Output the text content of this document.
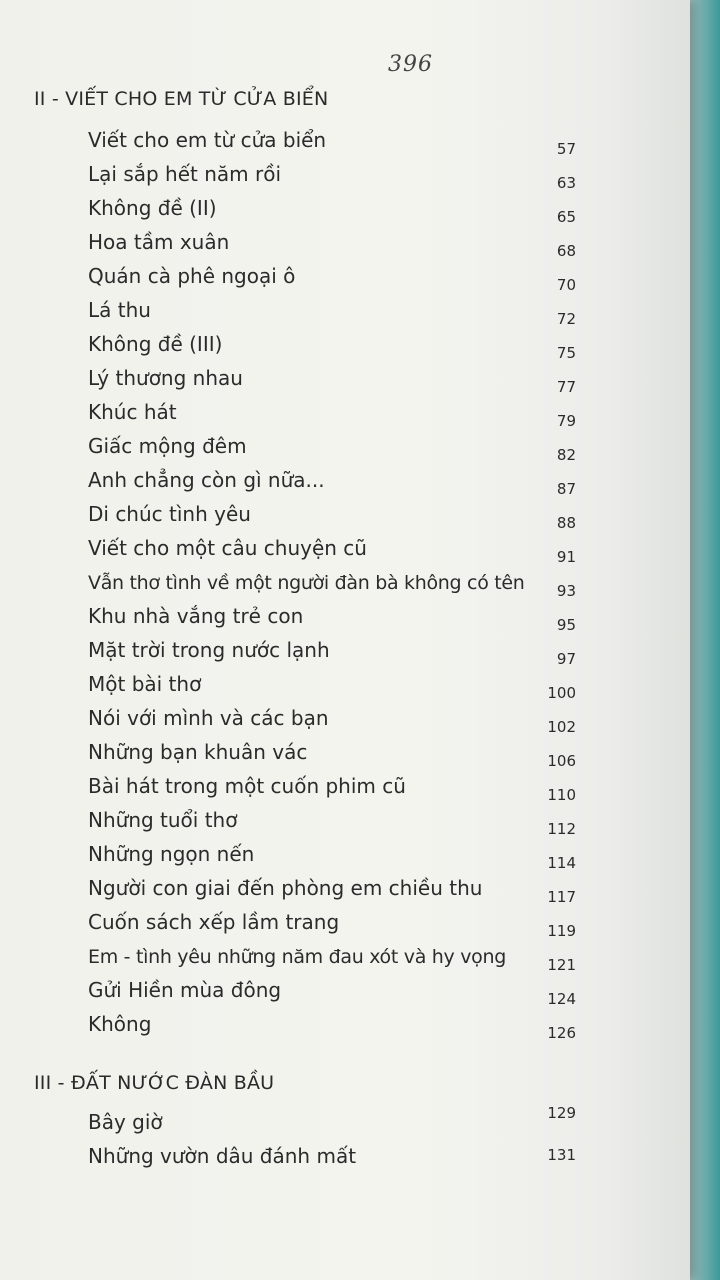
396
II - VIẾT CHO EM TỪ CỬA BIỂN
Viết cho em từ cửa biển	57
Lại sắp hết năm rồi	63
Không đề (II)	65
Hoa tầm xuân	68
Quán cà phê ngoại ô	70
Lá thu	72
Không đề (III)	75
Lý thương nhau	77
Khúc hát	79
Giấc mộng đêm	82
Anh chẳng còn gì nữa...	87
Di chúc tình yêu	88
Viết cho một câu chuyện cũ	91
Vẫn thơ tình về một người đàn bà không có tên 93
Khu nhà vắng trẻ con	95
Mặt trời trong nước lạnh	97
Một bài thơ	100
Nói với mình và các bạn	102
Những bạn khuân vác	106
Bài hát trong một cuốn phim cũ	110
Những tuổi thơ	112
Những ngọn nến	114
Người con giai đến phòng em chiều thu	117
Cuốn sách xếp lầm trang	119
Em - tình yêu những năm đau xót và hy vọng	121
Gửi Hiền mùa đông	124
Không	126
III - ĐẤT NƯỚC ĐÀN BẦU
Bây giờ	129
Những vườn dâu đánh mất	131
